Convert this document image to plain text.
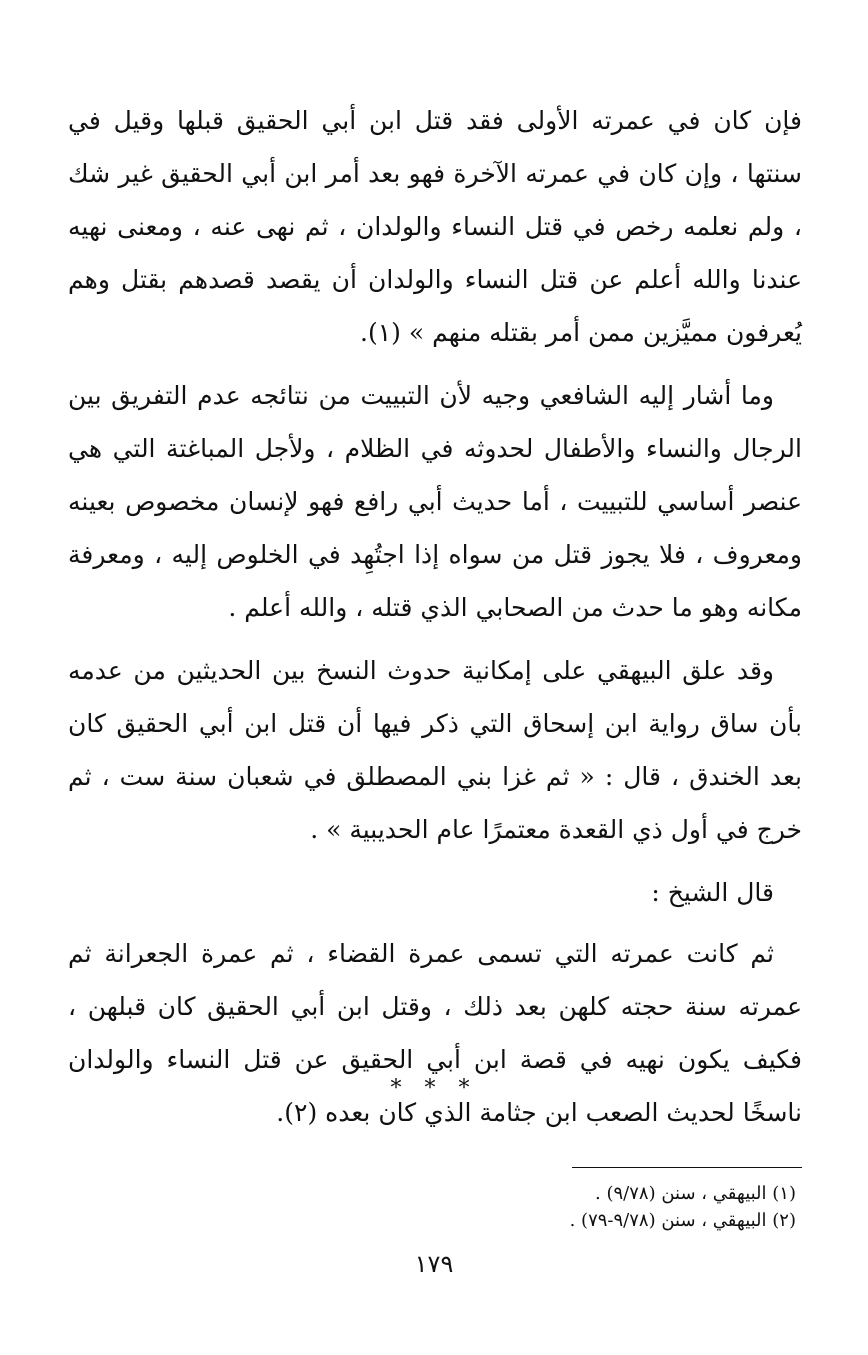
فإن كان في عمرته الأولى فقد قتل ابن أبي الحقيق قبلها وقيل في سنتها ، وإن كان في عمرته الآخرة فهو بعد أمر ابن أبي الحقيق غير شك ، ولم نعلمه رخص في قتل النساء والولدان ، ثم نهى عنه ، ومعنى نهيه عندنا والله أعلم عن قتل النساء والولدان أن يقصد قصدهم بقتل وهم يُعرفون مميَّزين ممن أمر بقتله منهم » (١).

وما أشار إليه الشافعي وجيه لأن التبييت من نتائجه عدم التفريق بين الرجال والنساء والأطفال لحدوثه في الظلام ، ولأجل المباغتة التي هي عنصر أساسي للتبييت ، أما حديث أبي رافع فهو لإنسان مخصوص بعينه ومعروف ، فلا يجوز قتل من سواه إذا اجتُهِد في الخلوص إليه ، ومعرفة مكانه وهو ما حدث من الصحابي الذي قتله ، والله أعلم .

وقد علق البيهقي على إمكانية حدوث النسخ بين الحديثين من عدمه بأن ساق رواية ابن إسحاق التي ذكر فيها أن قتل ابن أبي الحقيق كان بعد الخندق ، قال : « ثم غزا بني المصطلق في شعبان سنة ست ، ثم خرج في أول ذي القعدة معتمرًا عام الحديبية » .

قال الشيخ :

ثم كانت عمرته التي تسمى عمرة القضاء ، ثم عمرة الجعرانة ثم عمرته سنة حجته كلهن بعد ذلك ، وقتل ابن أبي الحقيق كان قبلهن ، فكيف يكون نهيه في قصة ابن أبي الحقيق عن قتل النساء والولدان ناسخًا لحديث الصعب ابن جثامة الذي كان بعده (٢).

* * *
(١) البيهقي ، سنن (٩/٧٨) .
(٢) البيهقي ، سنن (٩/٧٨-٧٩) .
١٧٩
